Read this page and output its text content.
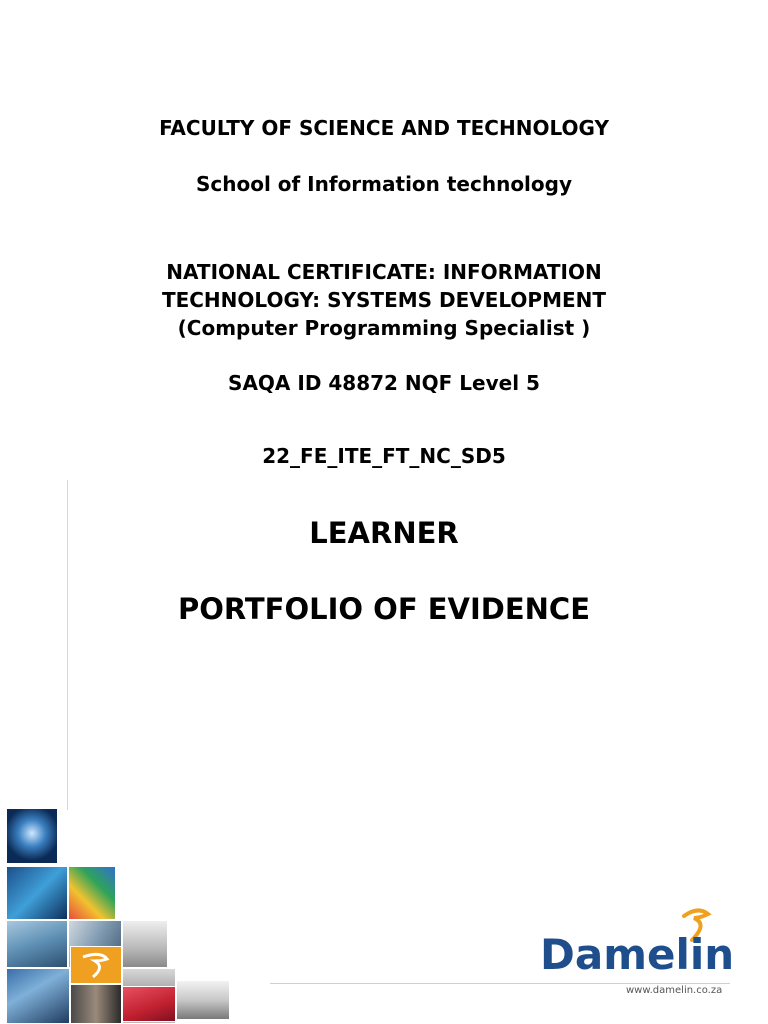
FACULTY OF SCIENCE AND TECHNOLOGY
School of Information technology
NATIONAL CERTIFICATE: INFORMATION
TECHNOLOGY: SYSTEMS DEVELOPMENT
(Computer Programming Specialist )
SAQA ID 48872 NQF Level 5
22_FE_ITE_FT_NC_SD5
LEARNER
PORTFOLIO OF EVIDENCE
Damelin
www.damelin.co.za
